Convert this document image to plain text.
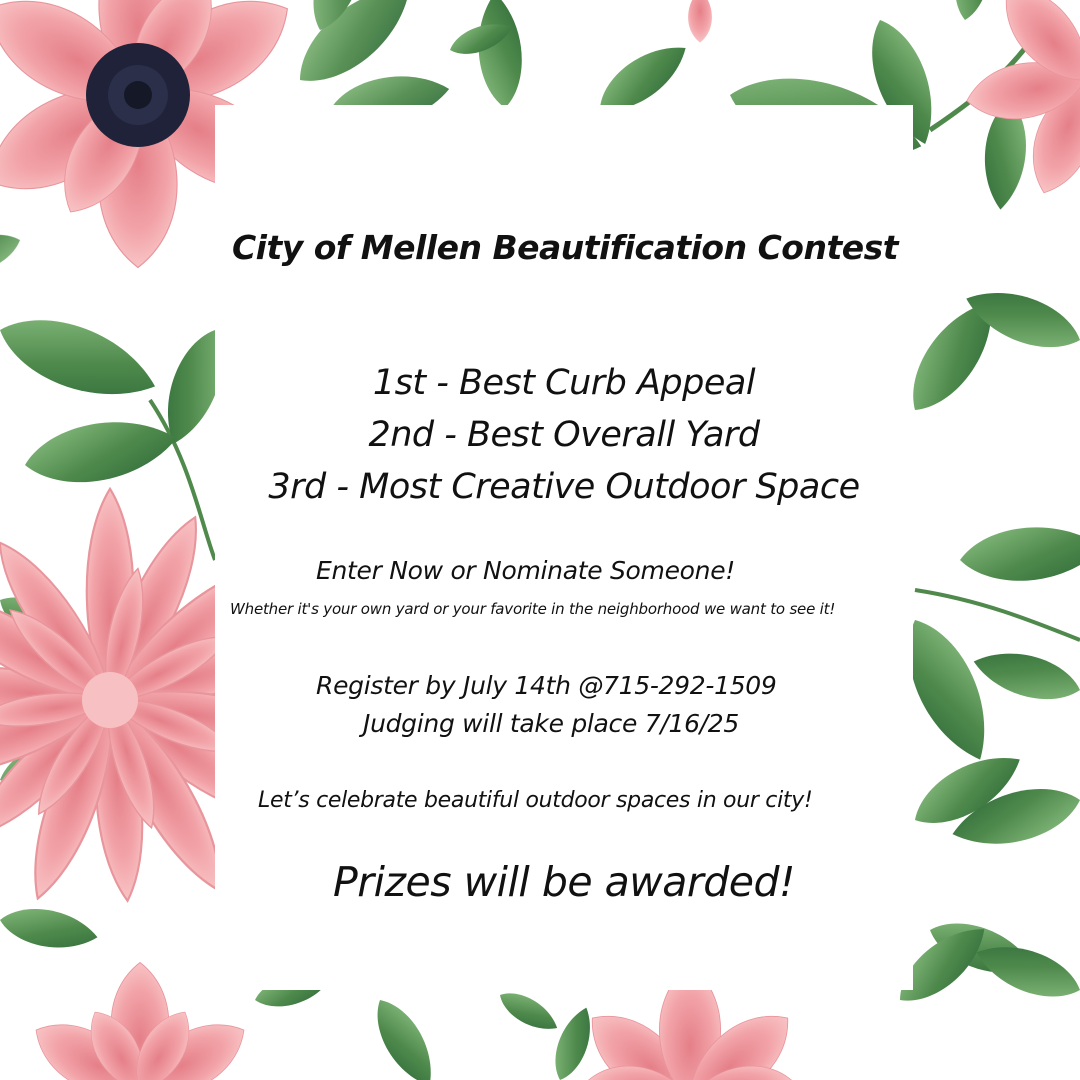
City of Mellen Beautification Contest
1st - Best Curb Appeal
2nd - Best Overall Yard
3rd - Most Creative Outdoor Space
Enter Now or Nominate Someone!
Whether it's your own yard or your favorite in the neighborhood we want to see it!
Register by July 14th @715-292-1509
Judging will take place 7/16/25
Let’s celebrate beautiful outdoor spaces in our city!
Prizes will be awarded!
